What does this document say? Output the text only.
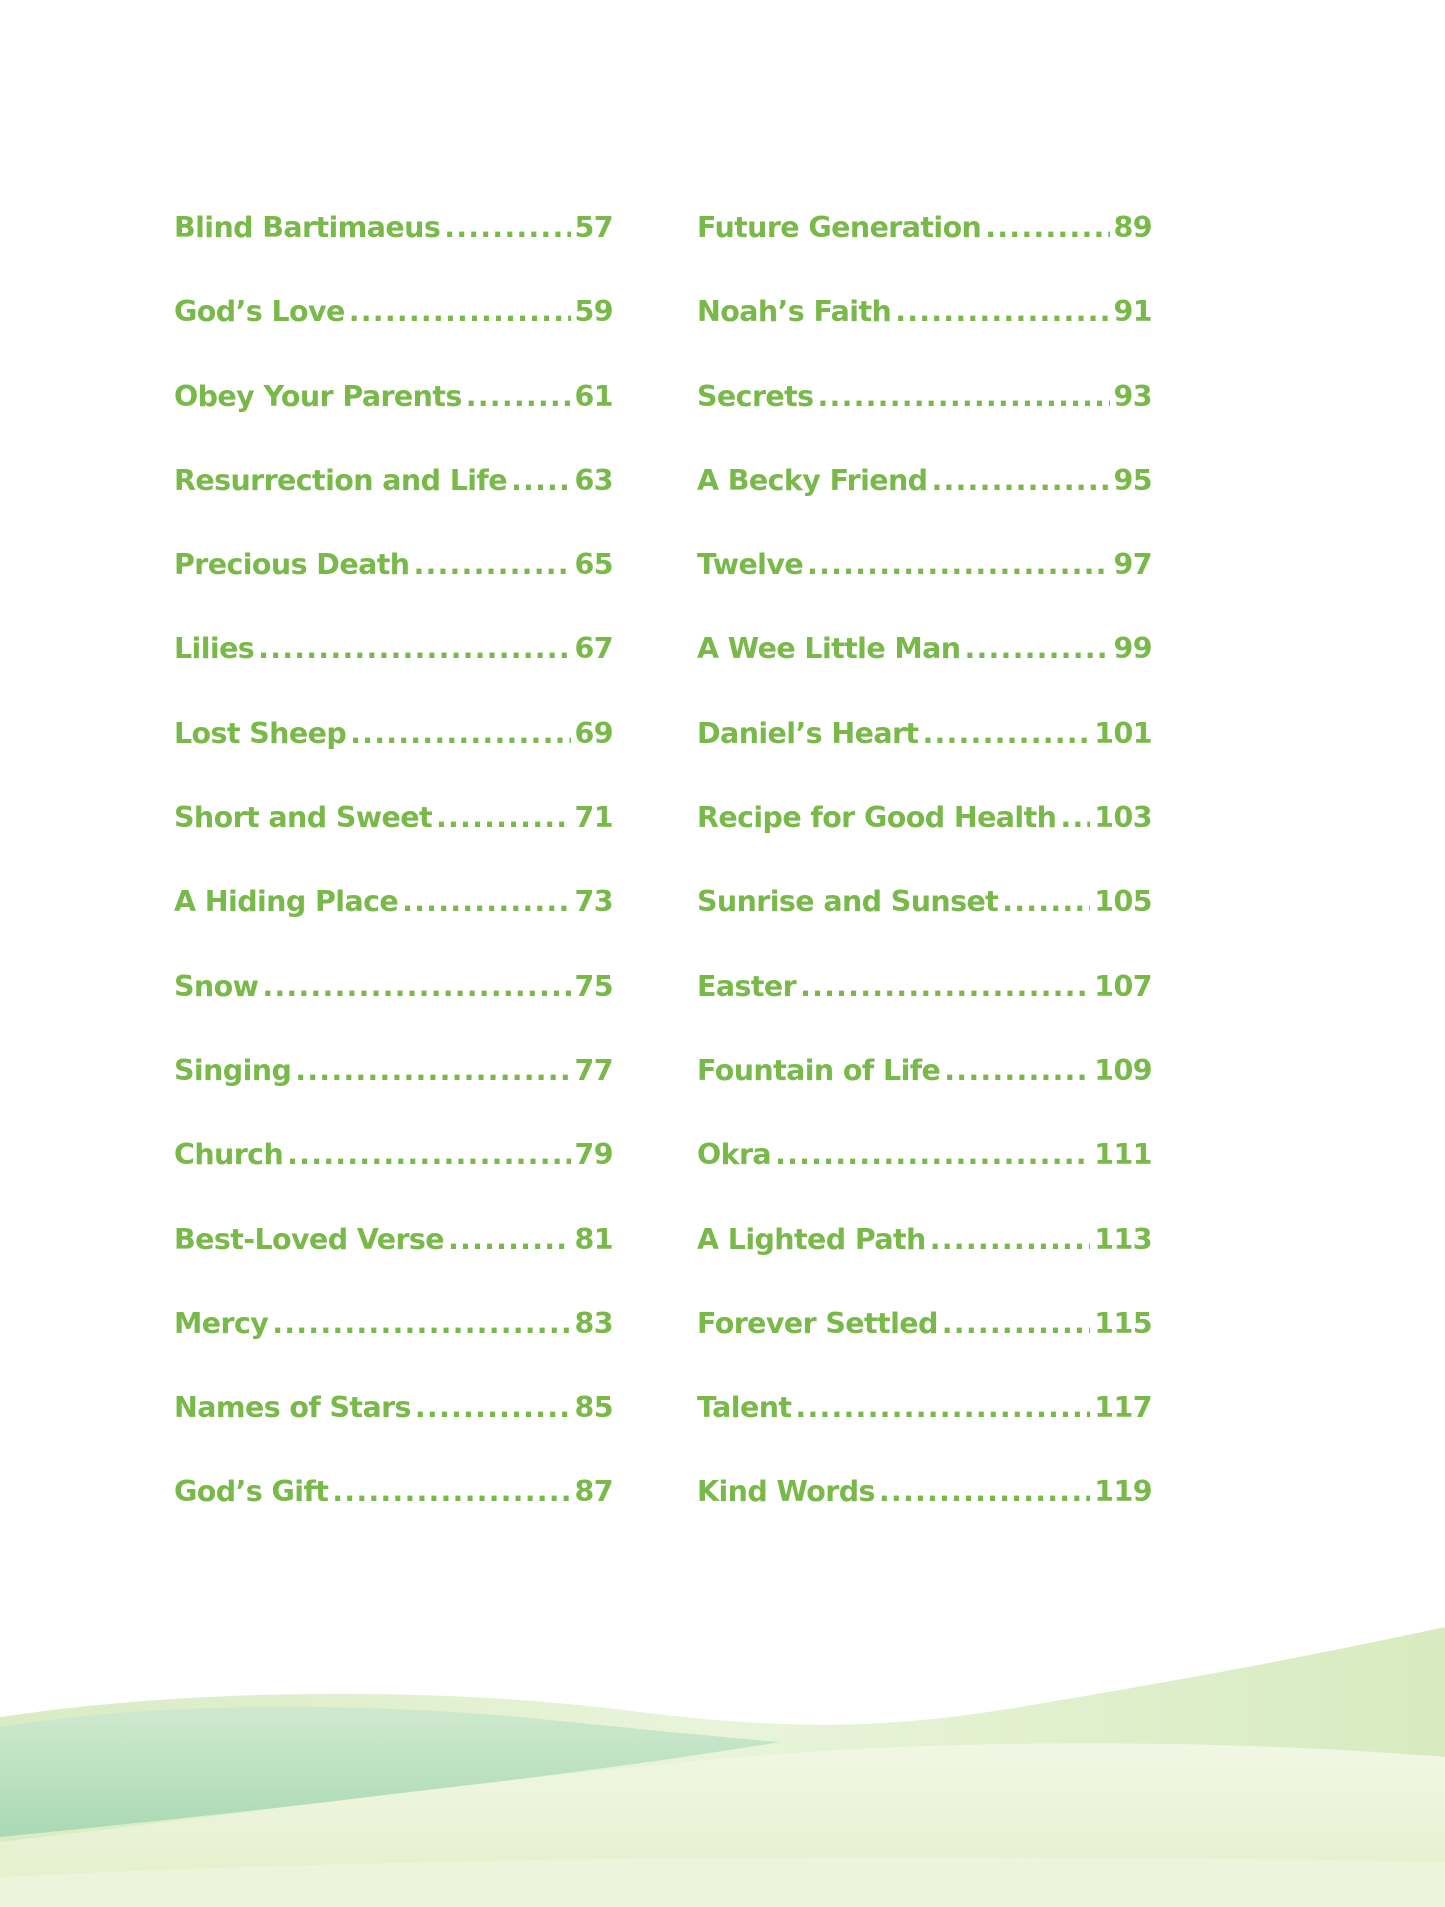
Blind Bartimaeus .....	57
God’s Love .....	59
Obey Your Parents .....	61
Resurrection and Life ..... 63
Precious Death .....	65
Lilies .....	67
Lost Sheep .....	69
Short and Sweet .....	71
A Hiding Place .....	73
Snow .....	75
Singing .....	77
Church .....	79
Best-Loved Verse .....	81
Mercy .....	83
Names of Stars .....	85
God’s Gift .....	87
Future Generation .....	89
Noah’s Faith .....	91
Secrets .....	93
A Becky Friend .....	95
Twelve .....	97
A Wee Little Man .....	99
Daniel’s Heart .....	101
Recipe for Good Health ..... 103
Sunrise and Sunset .....	105
Easter .....	107
Fountain of Life .....	109
Okra .....	111
A Lighted Path .....	113
Forever Settled .....	115
Talent .....	117
Kind Words .....	119
